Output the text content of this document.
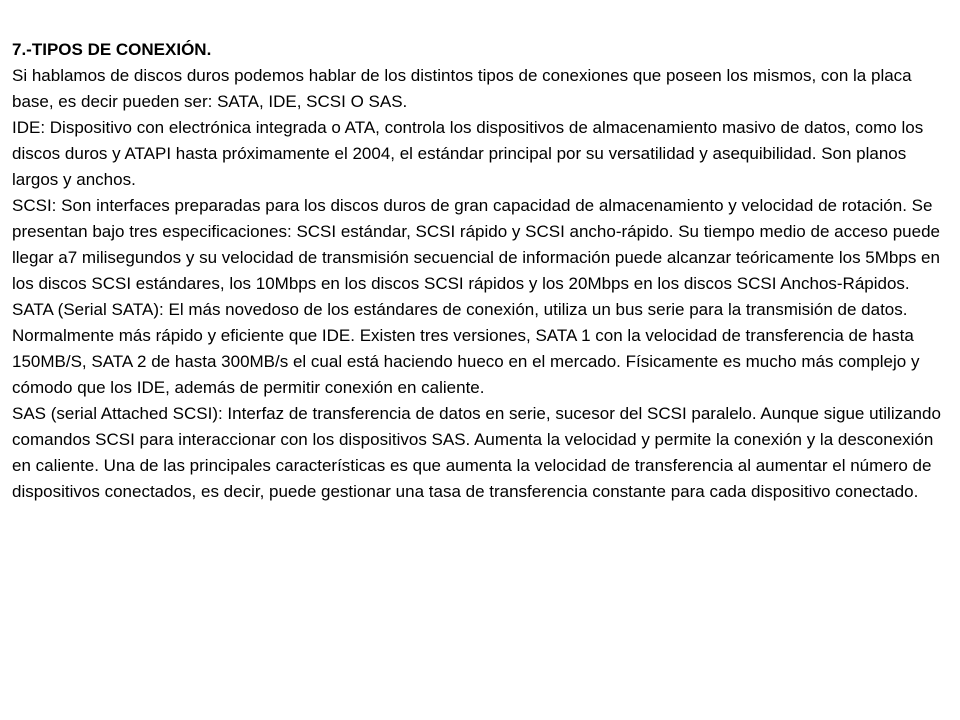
7.-TIPOS DE CONEXIÓN.

Si hablamos de discos duros podemos hablar de los distintos tipos de conexiones que poseen los mismos, con la placa base, es decir pueden ser: SATA, IDE, SCSI O SAS.

IDE: Dispositivo con electrónica integrada o ATA, controla los dispositivos de almacenamiento masivo de datos, como los discos duros y ATAPI hasta próximamente el 2004, el estándar principal por su versatilidad y asequibilidad. Son planos largos y anchos.

SCSI: Son interfaces preparadas para los discos duros de gran capacidad de almacenamiento y velocidad de rotación. Se presentan bajo tres especificaciones: SCSI estándar, SCSI rápido y SCSI ancho-rápido. Su tiempo medio de acceso puede llegar a7 milisegundos y su velocidad de transmisión secuencial de información puede alcanzar teóricamente los 5Mbps en los discos SCSI estándares, los 10Mbps en los discos SCSI rápidos y los 20Mbps en los discos SCSI Anchos-Rápidos.

SATA (Serial SATA): El más novedoso de los estándares de conexión, utiliza un bus serie para la transmisión de datos. Normalmente más rápido y eficiente que IDE. Existen tres versiones, SATA 1 con la velocidad de transferencia de hasta 150MB/S, SATA 2 de hasta 300MB/s el cual está haciendo hueco en el mercado. Físicamente es mucho más complejo y cómodo que los IDE, además de permitir conexión en caliente.

SAS (serial Attached SCSI): Interfaz de transferencia de datos en serie, sucesor del SCSI paralelo. Aunque sigue utilizando comandos SCSI para interaccionar con los dispositivos SAS. Aumenta la velocidad y permite la conexión y la desconexión en caliente. Una de las principales características es que aumenta la velocidad de transferencia al aumentar el número de dispositivos conectados, es decir, puede gestionar una tasa de transferencia constante para cada dispositivo conectado.
